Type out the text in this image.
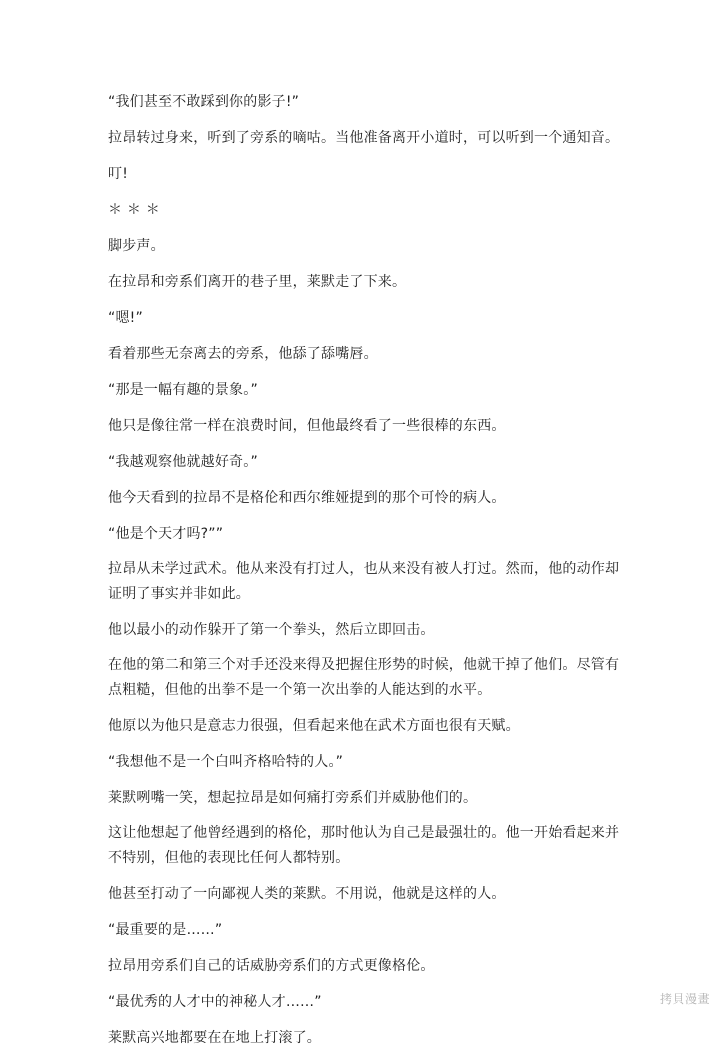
“我们甚至不敢踩到你的影子!”

拉昂转过身来，听到了旁系的嘀咕。当他准备离开小道时，可以听到一个通知音。

叮!

＊ ＊ ＊

脚步声。

在拉昂和旁系们离开的巷子里，莱默走了下来。

“嗯!”

看着那些无奈离去的旁系，他舔了舔嘴唇。

“那是一幅有趣的景象。”

他只是像往常一样在浪费时间，但他最终看了一些很棒的东西。

“我越观察他就越好奇。”

他今天看到的拉昂不是格伦和西尔维娅提到的那个可怜的病人。

“他是个天才吗?””

拉昂从未学过武术。他从来没有打过人，也从来没有被人打过。然而，他的动作却证明了事实并非如此。

他以最小的动作躲开了第一个拳头，然后立即回击。

在他的第二和第三个对手还没来得及把握住形势的时候，他就干掉了他们。尽管有点粗糙，但他的出拳不是一个第一次出拳的人能达到的水平。

他原以为他只是意志力很强，但看起来他在武术方面也很有天赋。

“我想他不是一个白叫齐格哈特的人。”

莱默咧嘴一笑，想起拉昂是如何痛打旁系们并威胁他们的。

这让他想起了他曾经遇到的格伦，那时他认为自己是最强壮的。他一开始看起来并不特别，但他的表现比任何人都特别。

他甚至打动了一向鄙视人类的莱默。不用说，他就是这样的人。

“最重要的是……”

拉昂用旁系们自己的话威胁旁系们的方式更像格伦。

“最优秀的人才中的神秘人才……”

莱默高兴地都要在在地上打滚了。

拷貝漫畫
